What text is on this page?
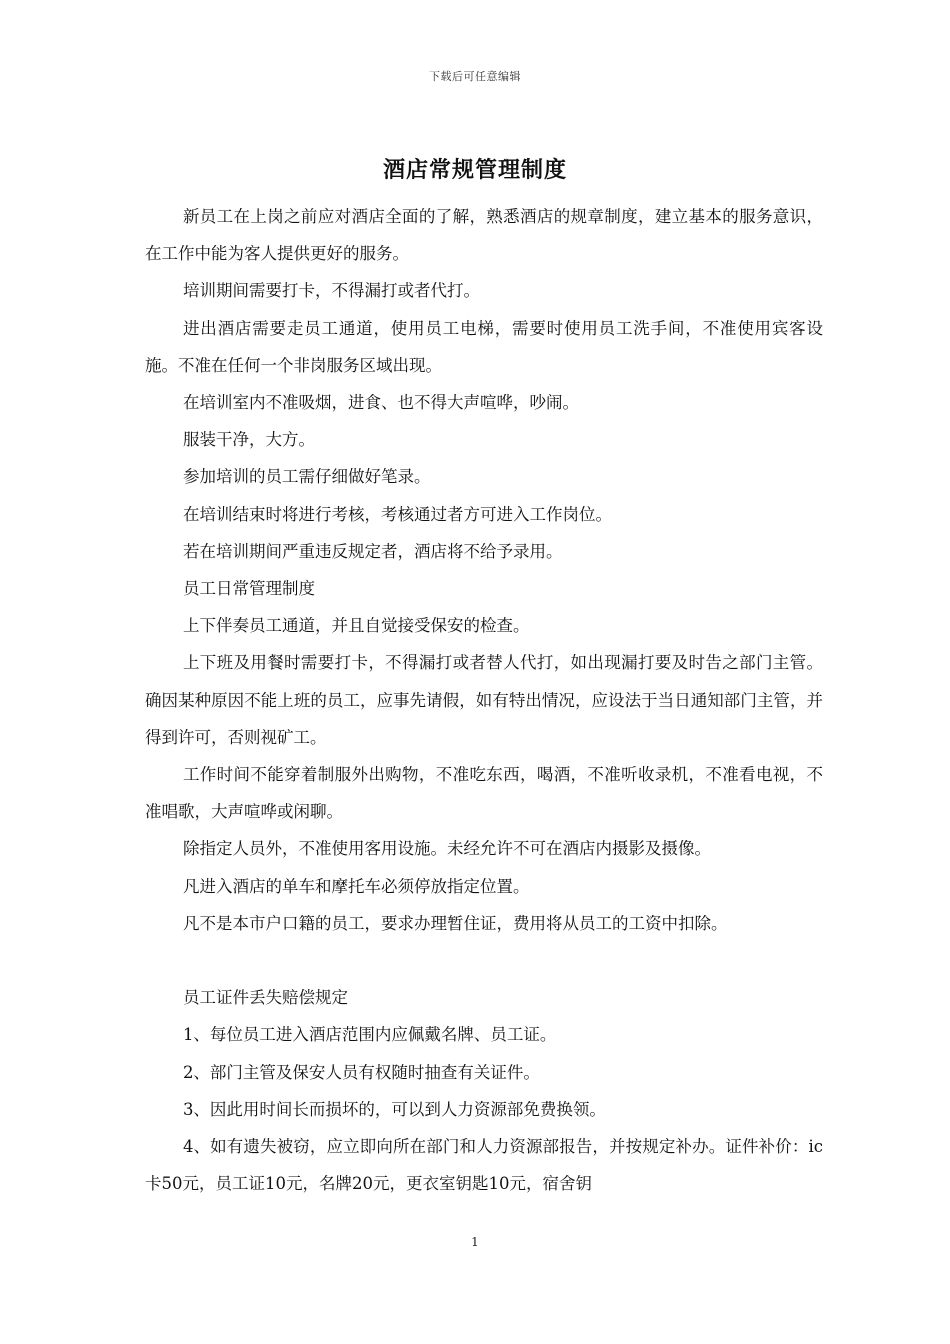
下载后可任意编辑
酒店常规管理制度

新员工在上岗之前应对酒店全面的了解，熟悉酒店的规章制度，建立基本的服务意识，在工作中能为客人提供更好的服务。

培训期间需要打卡，不得漏打或者代打。

进出酒店需要走员工通道，使用员工电梯，需要时使用员工洗手间，不准使用宾客设施。不准在任何一个非岗服务区域出现。

在培训室内不准吸烟，进食、也不得大声喧哗，吵闹。

服装干净，大方。

参加培训的员工需仔细做好笔录。

在培训结束时将进行考核，考核通过者方可进入工作岗位。

若在培训期间严重违反规定者，酒店将不给予录用。

员工日常管理制度

上下伴奏员工通道，并且自觉接受保安的检查。

上下班及用餐时需要打卡，不得漏打或者替人代打，如出现漏打要及时告之部门主管。确因某种原因不能上班的员工，应事先请假，如有特出情况，应设法于当日通知部门主管，并得到许可，否则视矿工。

工作时间不能穿着制服外出购物，不准吃东西，喝酒，不准听收录机，不准看电视，不准唱歌，大声喧哗或闲聊。

除指定人员外，不准使用客用设施。未经允许不可在酒店内摄影及摄像。

凡进入酒店的单车和摩托车必须停放指定位置。

凡不是本市户口籍的员工，要求办理暂住证，费用将从员工的工资中扣除。

员工证件丢失赔偿规定

1、每位员工进入酒店范围内应佩戴名牌、员工证。

2、部门主管及保安人员有权随时抽查有关证件。

3、因此用时间长而损坏的，可以到人力资源部免费换领。

4、如有遗失被窃，应立即向所在部门和人力资源部报告，并按规定补办。证件补价：ic卡50元，员工证10元，名牌20元，更衣室钥匙10元，宿舍钥

1
